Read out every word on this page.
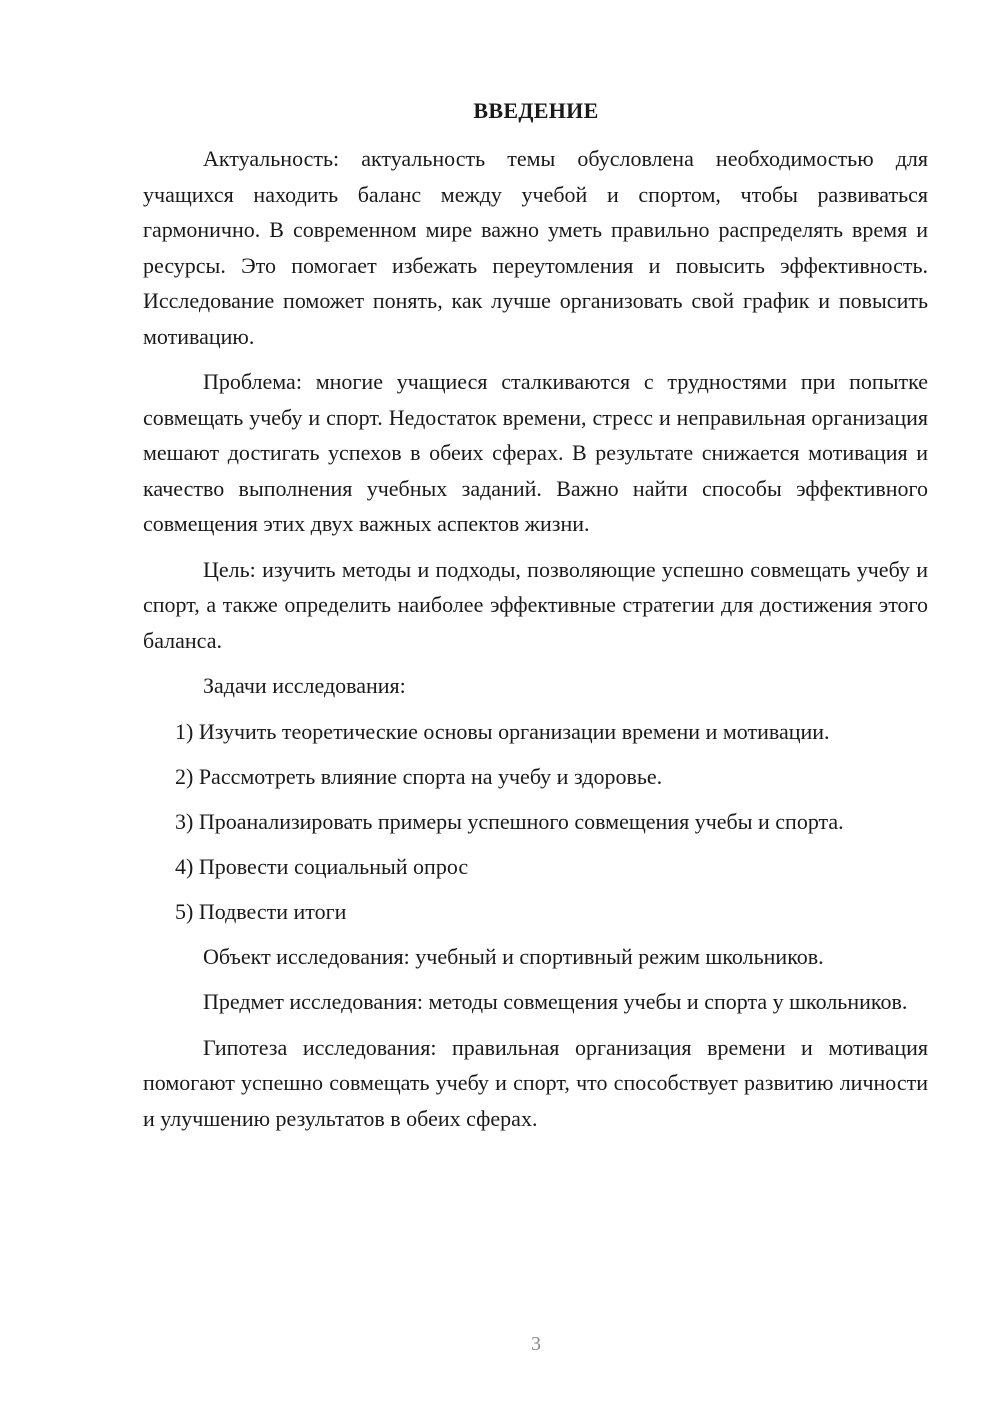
ВВЕДЕНИЕ

Актуальность: актуальность темы обусловлена необходимостью для учащихся находить баланс между учебой и спортом, чтобы развиваться гармонично. В современном мире важно уметь правильно распределять время и ресурсы. Это помогает избежать переутомления и повысить эффективность. Исследование поможет понять, как лучше организовать свой график и повысить мотивацию.

Проблема: многие учащиеся сталкиваются с трудностями при попытке совмещать учебу и спорт. Недостаток времени, стресс и неправильная организация мешают достигать успехов в обеих сферах. В результате снижается мотивация и качество выполнения учебных заданий. Важно найти способы эффективного совмещения этих двух важных аспектов жизни.

Цель: изучить методы и подходы, позволяющие успешно совмещать учебу и спорт, а также определить наиболее эффективные стратегии для достижения этого баланса.

Задачи исследования:

1) Изучить теоретические основы организации времени и мотивации.

2) Рассмотреть влияние спорта на учебу и здоровье.

3) Проанализировать примеры успешного совмещения учебы и спорта.

4) Провести социальный опрос

5) Подвести итоги

Объект исследования: учебный и спортивный режим школьников.

Предмет исследования: методы совмещения учебы и спорта у школьников.

Гипотеза исследования: правильная организация времени и мотивация помогают успешно совмещать учебу и спорт, что способствует развитию личности и улучшению результатов в обеих сферах.

3
